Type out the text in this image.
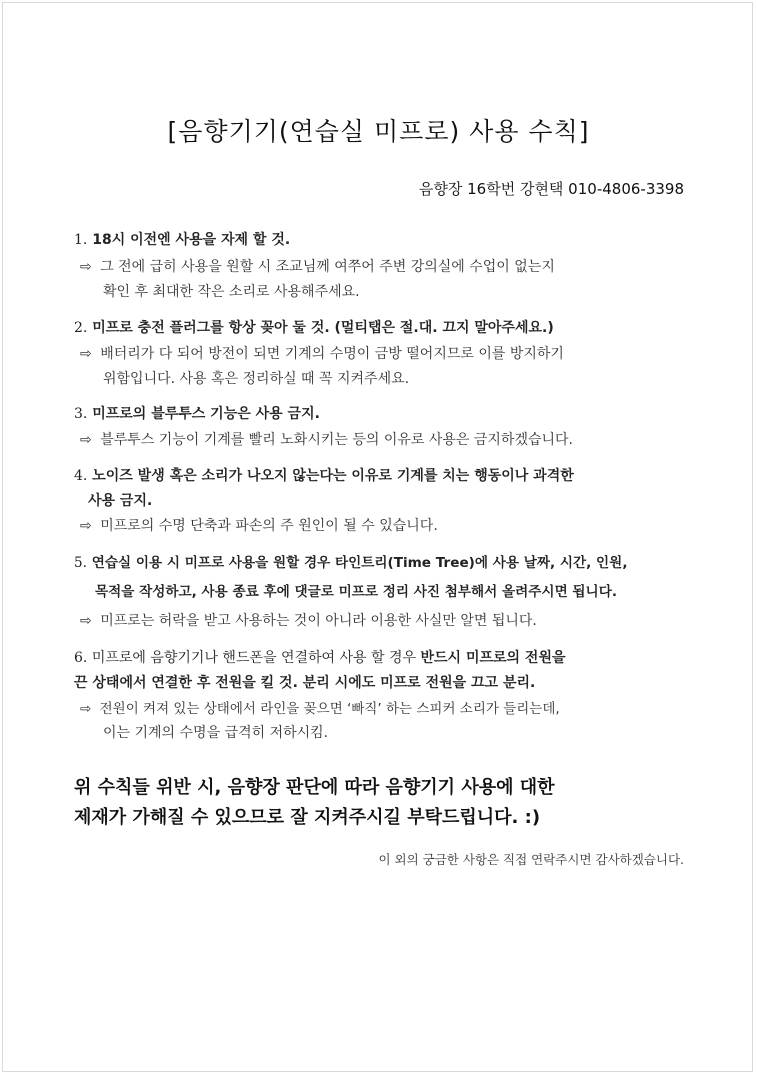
[음향기기(연습실 미프로) 사용 수칙]
음향장 16학번 강현택 010-4806-3398
1. 18시 이전엔 사용을 자제 할 것.
⇨ 그 전에 급히 사용을 원할 시 조교님께 여쭈어 주변 강의실에 수업이 없는지
확인 후 최대한 작은 소리로 사용해주세요.
2. 미프로 충전 플러그를 항상 꽂아 둘 것. (멀티탭은 절.대. 끄지 말아주세요.)
⇨ 배터리가 다 되어 방전이 되면 기계의 수명이 금방 떨어지므로 이를 방지하기
위함입니다. 사용 혹은 정리하실 때 꼭 지켜주세요.
3. 미프로의 블루투스 기능은 사용 금지.
⇨ 블루투스 기능이 기계를 빨리 노화시키는 등의 이유로 사용은 금지하겠습니다.
4. 노이즈 발생 혹은 소리가 나오지 않는다는 이유로 기계를 치는 행동이나 과격한
사용 금지.
⇨ 미프로의 수명 단축과 파손의 주 원인이 될 수 있습니다.
5. 연습실 이용 시 미프로 사용을 원할 경우 타인트리(Time Tree)에 사용 날짜, 시간, 인원,
목적을 작성하고, 사용 종료 후에 댓글로 미프로 정리 사진 첨부해서 올려주시면 됩니다.
⇨ 미프로는 허락을 받고 사용하는 것이 아니라 이용한 사실만 알면 됩니다.
6. 미프로에 음향기기나 핸드폰을 연결하여 사용 할 경우 반드시 미프로의 전원을
끈 상태에서 연결한 후 전원을 킬 것. 분리 시에도 미프로 전원을 끄고 분리.
⇨ 전원이 켜져 있는 상태에서 라인을 꽂으면 ‘빠직’ 하는 스피커 소리가 들리는데,
이는 기계의 수명을 급격히 저하시킴.
위 수칙들 위반 시, 음향장 판단에 따라 음향기기 사용에 대한
제재가 가해질 수 있으므로 잘 지켜주시길 부탁드립니다. :)
이 외의 궁금한 사항은 직접 연락주시면 감사하겠습니다.
